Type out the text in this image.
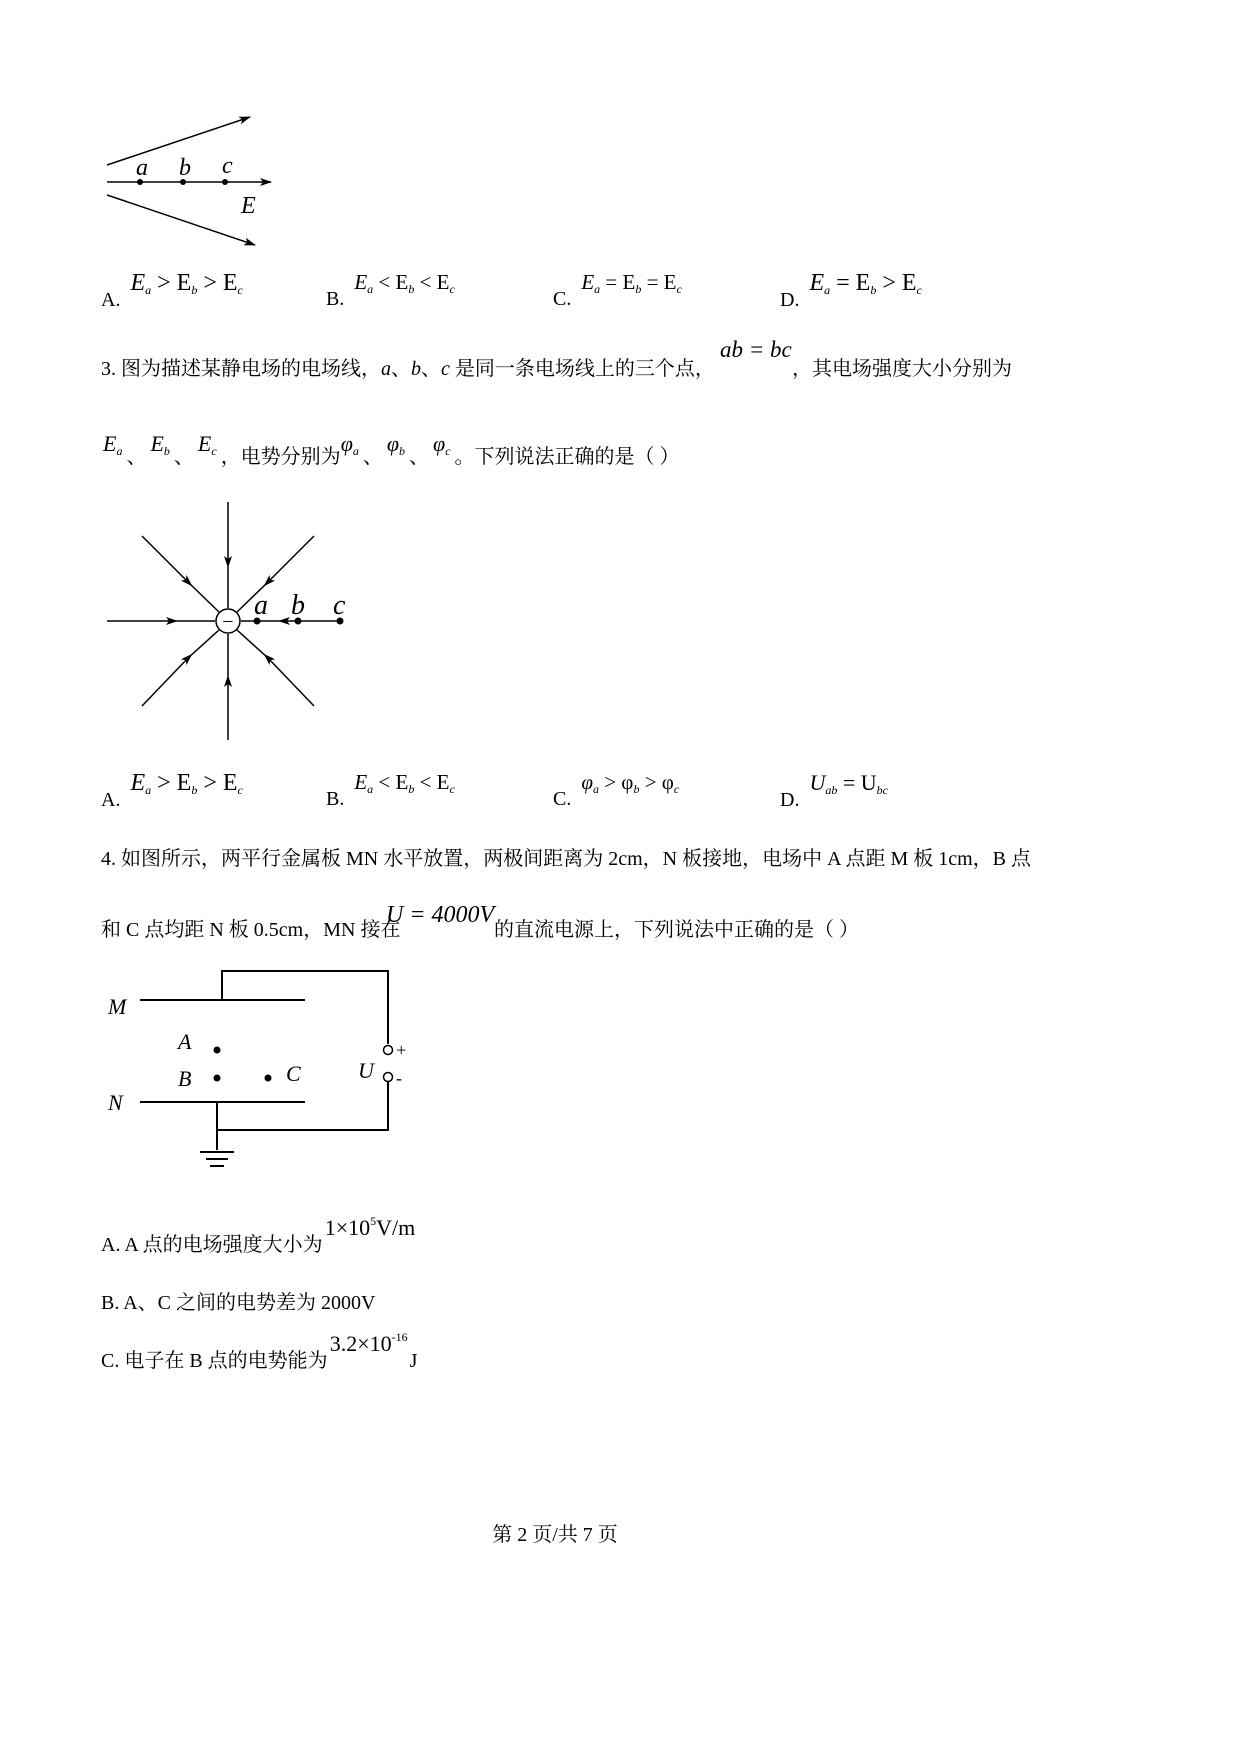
a b c
E
A. $E_a > E_b > E_c$	B. $E_a < E_b < E_c$	C. $E_a = E_b = E_c$	D. $E_a = E_b > E_c$
3. 图为描述某静电场的电场线，a、b、c 是同一条电场线上的三个点，
ab = bc
，其电场强度大小分别为
$E_a$ 、 $E_b$ 、 $E_c$ ，电势分别为$\varphi_a$ 、 $\varphi_b$ 、 $\varphi_c$ 。下列说法正确的是（ ）
−
a b c
A. $E_a > E_b > E_c$	B. $E_a < E_b < E_c$	C. $\varphi_a > \varphi_b > \varphi_c$	D. $U_{ab} = U_{bc}$
4. 如图所示，两平行金属板 MN 水平放置，两极间距离为 2cm，N 板接地，电场中 A 点距 M 板 1cm，B 点
和 C 点均距 N 板 0.5cm，MN 接在
U = 4000V
的直流电源上，下列说法中正确的是（ ）
M
N
A
B	C	U
+
-
A. A 点的电场强度大小为$1\times 10^5V/m$
B. A、C 之间的电势差为 2000V
C. 电子在 B 点的电势能为$3.2\times 10^{-16}J$
第 2 页/共 7 页
